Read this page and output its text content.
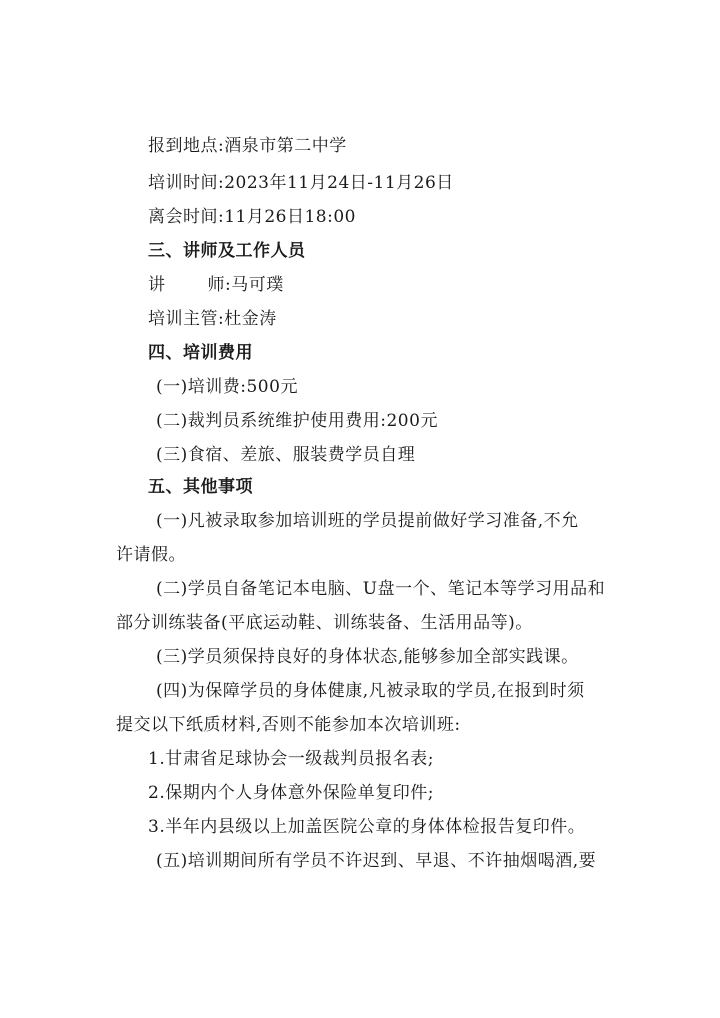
报到地点:酒泉市第二中学
培训时间:2023年11月24日-11月26日
离会时间:11月26日18:00
三、讲师及工作人员
讲 师:马可璞
培训主管:杜金涛
四、培训费用
(一)培训费:500元
(二)裁判员系统维护使用费用:200元
(三)食宿、差旅、服装费学员自理
五、其他事项
(一)凡被录取参加培训班的学员提前做好学习准备,不允
许请假。
(二)学员自备笔记本电脑、U盘一个、笔记本等学习用品和
部分训练装备(平底运动鞋、训练装备、生活用品等)。
(三)学员须保持良好的身体状态,能够参加全部实践课。
(四)为保障学员的身体健康,凡被录取的学员,在报到时须
提交以下纸质材料,否则不能参加本次培训班:
1.甘肃省足球协会一级裁判员报名表;
2.保期内个人身体意外保险单复印件;
3.半年内县级以上加盖医院公章的身体体检报告复印件。
(五)培训期间所有学员不许迟到、早退、不许抽烟喝酒,要
